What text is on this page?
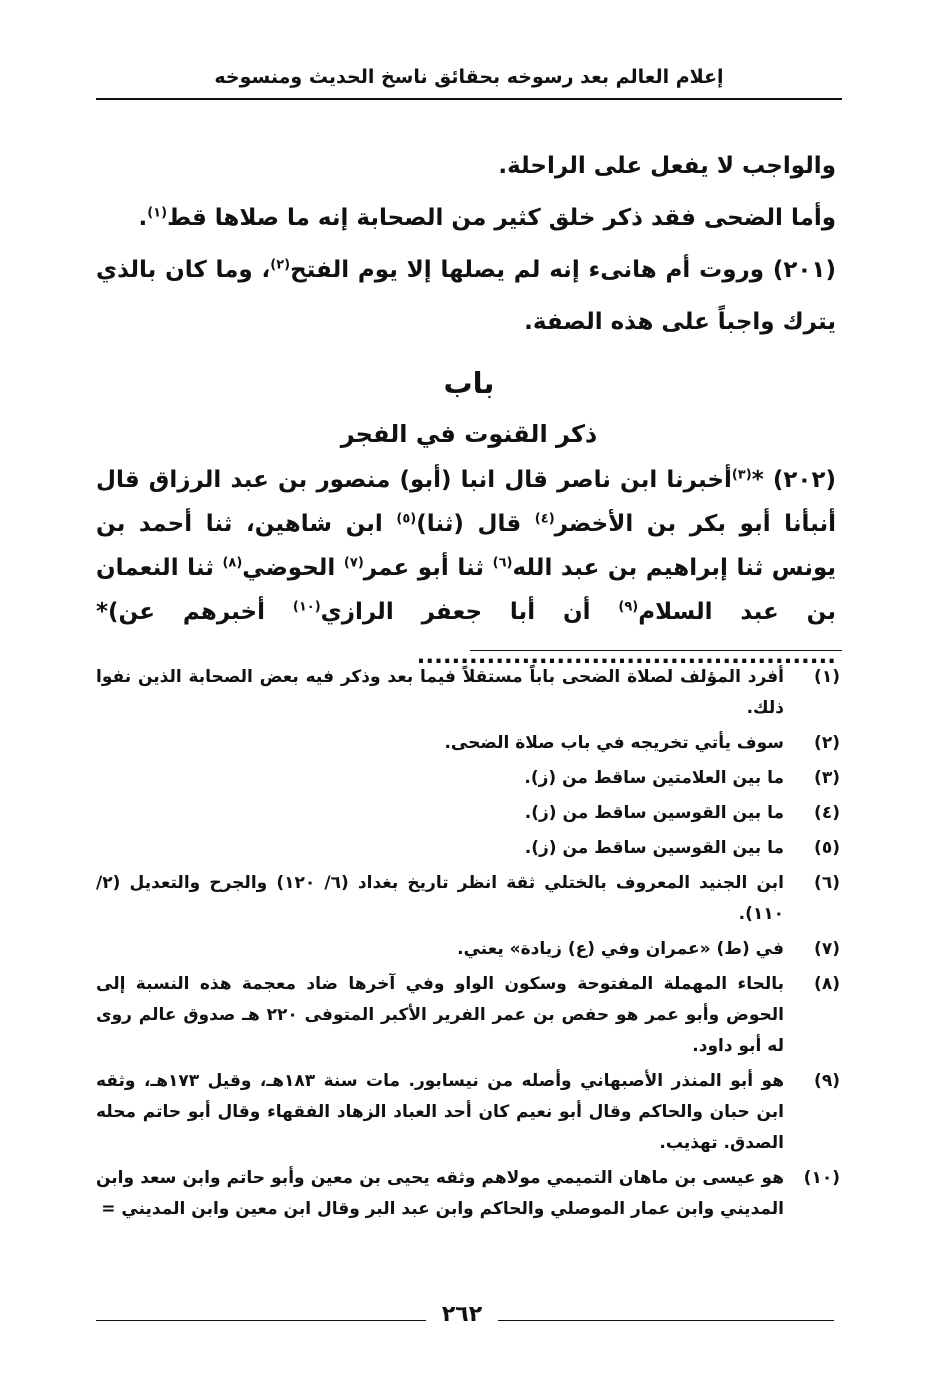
إعلام العالم بعد رسوخه بحقائق ناسخ الحديث ومنسوخه

والواجب لا يفعل على الراحلة.

وأما الضحى فقد ذكر خلق كثير من الصحابة إنه ما صلاها قط$^{(١)}$.

(٢٠١) وروت أم هانىء إنه لم يصلها إلا يوم الفتح$^{(٢)}$، وما كان بالذي يترك واجباً على هذه الصفة.

باب
ذكر القنوت في الفجر

(٢٠٢) *$^{(٣)}$أخبرنا ابن ناصر قال انبا (أبو) منصور بن عبد الرزاق قال أنبأنا أبو بكر بن الأخضر$^{(٤)}$ قال (ثنا)$^{(٥)}$ ابن شاهين، ثنا أحمد بن يونس ثنا إبراهيم بن عبد الله$^{(٦)}$ ثنا أبو عمر$^{(٧)}$ الحوضي$^{(٨)}$ ثنا النعمان بن عبد السلام$^{(٩)}$ أن أبا جعفر الرازي$^{(١٠)}$ أخبرهم عن)* ................................................

(١)
أفرد المؤلف لصلاة الضحى باباً مستقلاً فيما بعد وذكر فيه بعض الصحابة الذين نفوا ذلك.
(٢)
سوف يأتي تخريجه في باب صلاة الضحى.
(٣)
ما بين العلامتين ساقط من (ز).
(٤)
ما بين القوسين ساقط من (ز).
(٥)
ما بين القوسين ساقط من (ز).
(٦)
ابن الجنيد المعروف بالختلي ثقة انظر تاريخ بغداد (٦/ ١٢٠) والجرح والتعديل (٢/ ١١٠).
(٧)
في (ط) «عمران وفي (ع) زيادة» يعني.
(٨)
بالحاء المهملة المفتوحة وسكون الواو وفي آخرها ضاد معجمة هذه النسبة إلى الحوض وأبو عمر هو حفص بن عمر الفرير الأكبر المتوفى ٢٢٠ هـ صدوق عالم روى له أبو داود.
(٩)
هو أبو المنذر الأصبهاني وأصله من نيسابور. مات سنة ١٨٣هـ، وقيل ١٧٣هـ، وثقه ابن حبان والحاكم وقال أبو نعيم كان أحد العباد الزهاد الفقهاء وقال أبو حاتم محله الصدق. تهذيب.
(١٠)
هو عيسى بن ماهان التميمي مولاهم وثقه يحيى بن معين وأبو حاتم وابن سعد وابن المديني وابن عمار الموصلي والحاكم وابن عبد البر وقال ابن معين وابن المديني =
٢٦٢
